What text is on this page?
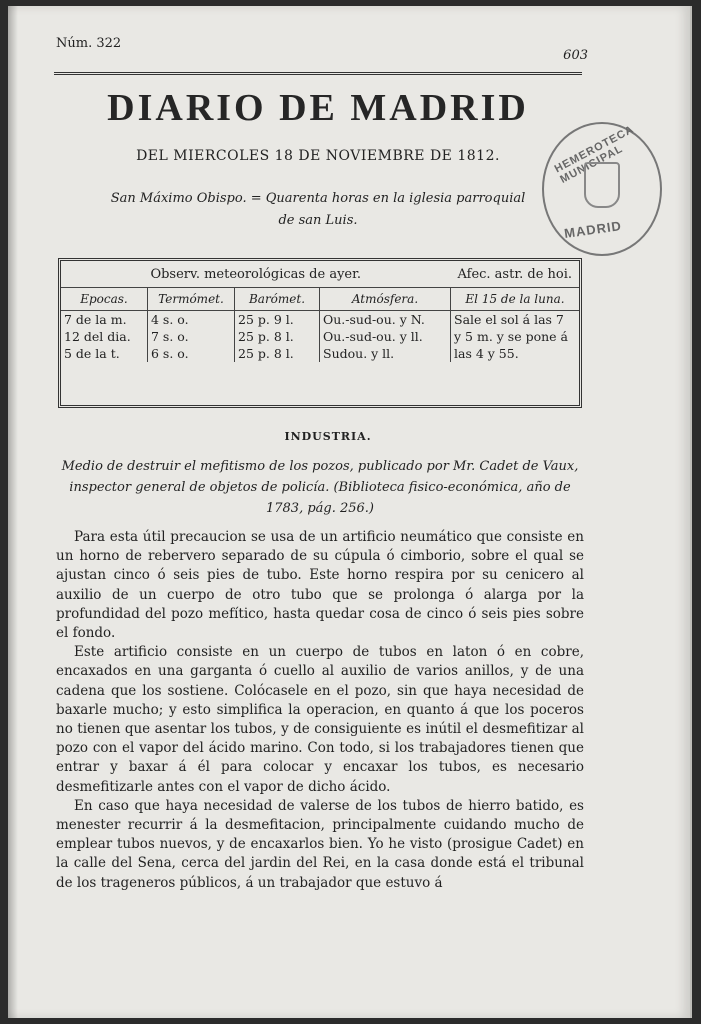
Núm. 322
603
DIARIO DE MADRID
DEL MIERCOLES 18 DE NOVIEMBRE DE 1812.
San Máximo Obispo. = Quarenta horas en la iglesia parroquial
de san Luis.
HEMEROTECA MUNICIPAL
MADRID
Observ. meteorológicas de ayer.				Afec. astr. de hoi.
Epocas.	Termómet.	Barómet.	Atmósfera.	El 15 de la luna.
7 de la m.	4 s. o.	25 p. 9 l.	Ou.-sud-ou. y N.	Sale el sol á las 7
12 del dia.	7 s. o.	25 p. 8 l.	Ou.-sud-ou. y ll.	y 5 m. y se pone á
5 de la t.	6 s. o.	25 p. 8 l.	Sudou. y ll.	las 4 y 55.
INDUSTRIA.
Medio de destruir el mefitismo de los pozos, publicado por Mr. Cadet de Vaux, inspector general de objetos de policía. (Biblioteca fisico-económica, año de 1783, pág. 256.)

Para esta útil precaucion se usa de un artificio neumático que consiste en un horno de rebervero separado de su cúpula ó cimborio, sobre el qual se ajustan cinco ó seis pies de tubo. Este horno respira por su cenicero al auxilio de un cuerpo de otro tubo que se prolonga ó alarga por la profundidad del pozo mefítico, hasta quedar cosa de cinco ó seis pies sobre el fondo.

Este artificio consiste en un cuerpo de tubos en laton ó en cobre, encaxados en una garganta ó cuello al auxilio de varios anillos, y de una cadena que los sostiene. Colócasele en el pozo, sin que haya necesidad de baxarle mucho; y esto simplifica la operacion, en quanto á que los poceros no tienen que asentar los tubos, y de consiguiente es inútil el desmefitizar al pozo con el vapor del ácido marino. Con todo, si los trabajadores tienen que entrar y baxar á él para colocar y encaxar los tubos, es necesario desmefitizarle antes con el vapor de dicho ácido.

En caso que haya necesidad de valerse de los tubos de hierro batido, es menester recurrir á la desmefitacion, principalmente cuidando mucho de emplear tubos nuevos, y de encaxarlos bien. Yo he visto (prosigue Cadet) en la calle del Sena, cerca del jardin del Rei, en la casa donde está el tribunal de los trageneros públicos, á un trabajador que estuvo á
